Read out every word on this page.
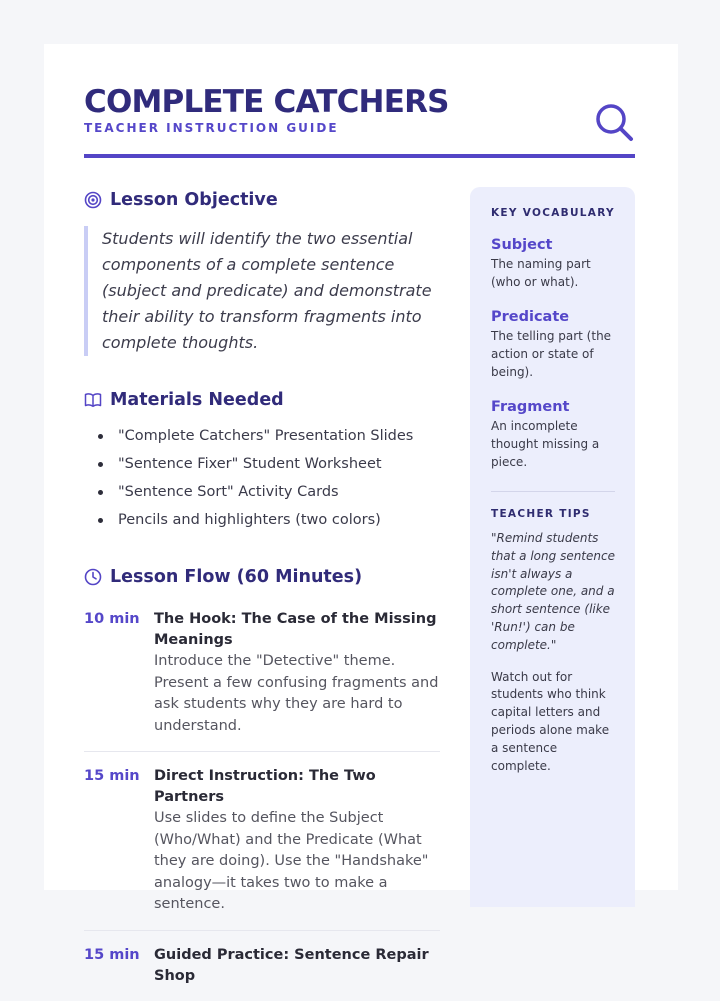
COMPLETE CATCHERS
TEACHER INSTRUCTION GUIDE
Lesson Objective
Students will identify the two essential components of a complete sentence (subject and predicate) and demonstrate their ability to transform fragments into complete thoughts.
Materials Needed
"Complete Catchers" Presentation Slides
"Sentence Fixer" Student Worksheet
"Sentence Sort" Activity Cards
Pencils and highlighters (two colors)
Lesson Flow (60 Minutes)
10 min The Hook: The Case of the Missing Meanings
Introduce the "Detective" theme. Present a few confusing fragments and ask students why they are hard to understand.
15 min Direct Instruction: The Two Partners
Use slides to define the Subject (Who/What) and the Predicate (What they are doing). Use the "Handshake" analogy—it takes two to make a sentence.
15 min Guided Practice: Sentence Repair Shop
KEY VOCABULARY
Subject
The naming part (who or what).
Predicate
The telling part (the action or state of being).
Fragment
An incomplete thought missing a piece.
TEACHER TIPS
"Remind students that a long sentence isn't always a complete one, and a short sentence (like 'Run!') can be complete."
Watch out for students who think capital letters and periods alone make a sentence complete.
